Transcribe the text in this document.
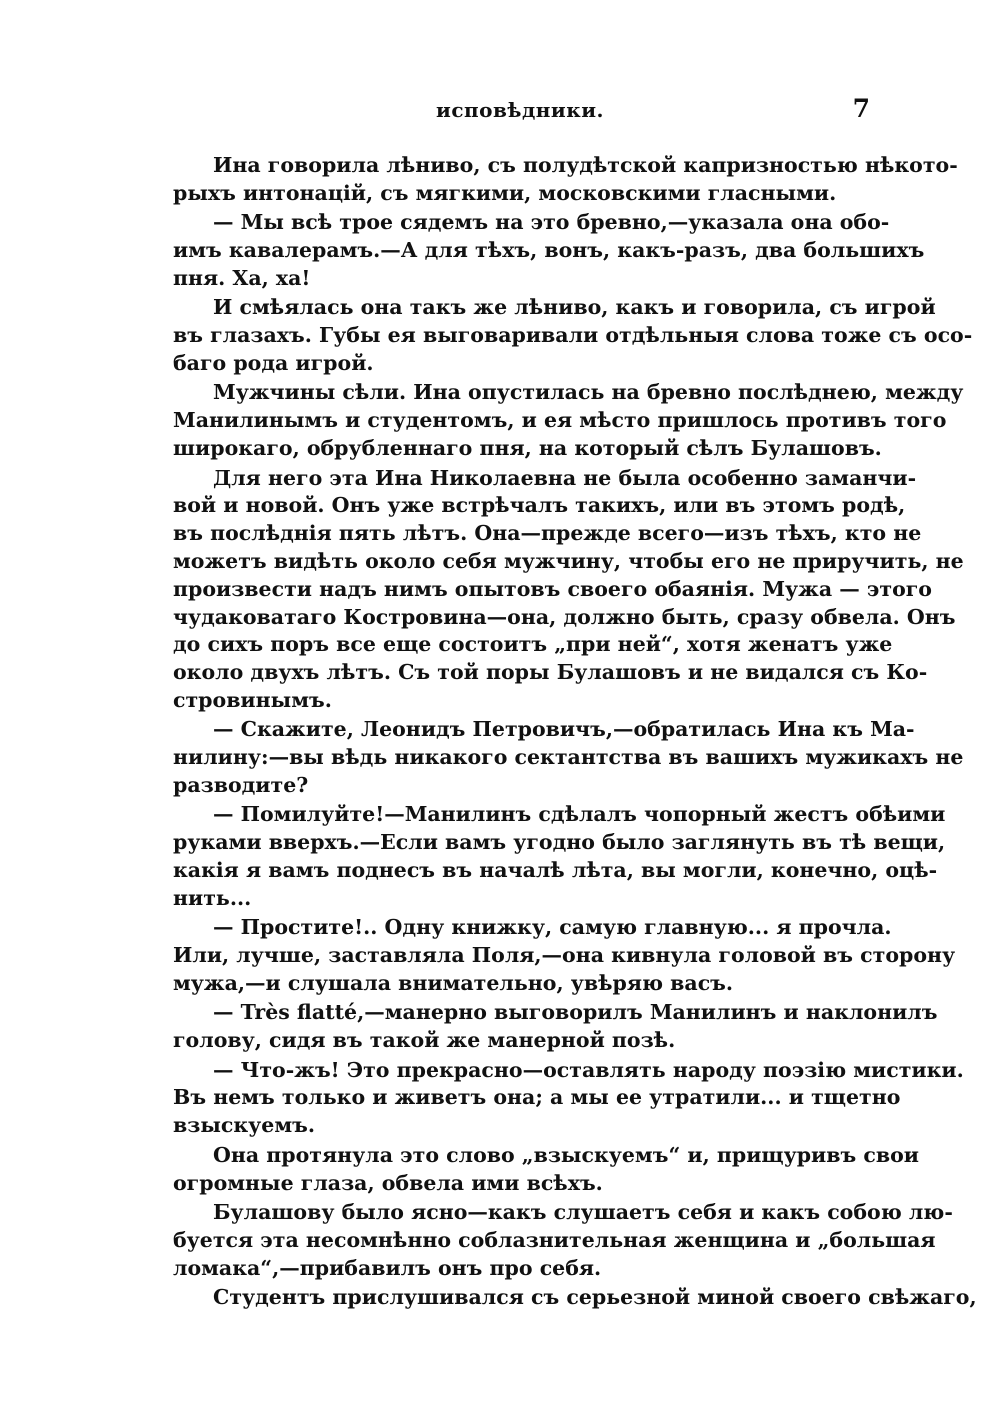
исповѣдники.	7
Ина говорила лѣниво, съ полудѣтской капризностью нѣкото-
рыхъ интонацій, съ мягкими, московскими гласными.
— Мы всѣ трое сядемъ на это бревно,—указала она обо-
имъ кавалерамъ.—А для тѣхъ, вонъ, какъ-разъ, два большихъ
пня. Ха, ха!
И смѣялась она такъ же лѣниво, какъ и говорила, съ игрой
въ глазахъ. Губы ея выговаривали отдѣльныя слова тоже съ осо-
баго рода игрой.
Мужчины сѣли. Ина опустилась на бревно послѣднею, между
Манилинымъ и студентомъ, и ея мѣсто пришлось противъ того
широкаго, обрубленнаго пня, на который сѣлъ Булашовъ.
Для него эта Ина Николаевна не была особенно заманчи-
вой и новой. Онъ уже встрѣчалъ такихъ, или въ этомъ родѣ,
въ послѣднія пять лѣтъ. Она—прежде всего—изъ тѣхъ, кто не
можетъ видѣть около себя мужчину, чтобы его не приручить, не
произвести надъ нимъ опытовъ своего обаянія. Мужа — этого
чудаковатаго Костровина—она, должно быть, сразу обвела. Онъ
до сихъ поръ все еще состоитъ „при ней“, хотя женатъ уже
около двухъ лѣтъ. Съ той поры Булашовъ и не видался съ Ко-
стровинымъ.
— Скажите, Леонидъ Петровичъ,—обратилась Ина къ Ма-
нилину:—вы вѣдь никакого сектантства въ вашихъ мужикахъ не
разводите?
— Помилуйте!—Манилинъ сдѣлалъ чопорный жестъ обѣими
руками вверхъ.—Если вамъ угодно было заглянуть въ тѣ вещи,
какія я вамъ поднесъ въ началѣ лѣта, вы могли, конечно, оцѣ-
нить...
— Простите!.. Одну книжку, самую главную... я прочла.
Или, лучше, заставляла Поля,—она кивнула головой въ сторону
мужа,—и слушала внимательно, увѣряю васъ.
— Très flatté,—манерно выговорилъ Манилинъ и наклонилъ
голову, сидя въ такой же манерной позѣ.
— Что-жъ! Это прекрасно—оставлять народу поэзію мистики.
Въ немъ только и живетъ она; а мы ее утратили... и тщетно
взыскуемъ.
Она протянула это слово „взыскуемъ“ и, прищуривъ свои
огромные глаза, обвела ими всѣхъ.
Булашову было ясно—какъ слушаетъ себя и какъ собою лю-
буется эта несомнѣнно соблазнительная женщина и „большая
ломака“,—прибавилъ онъ про себя.
Студентъ прислушивался съ серьезной миной своего свѣжаго,
